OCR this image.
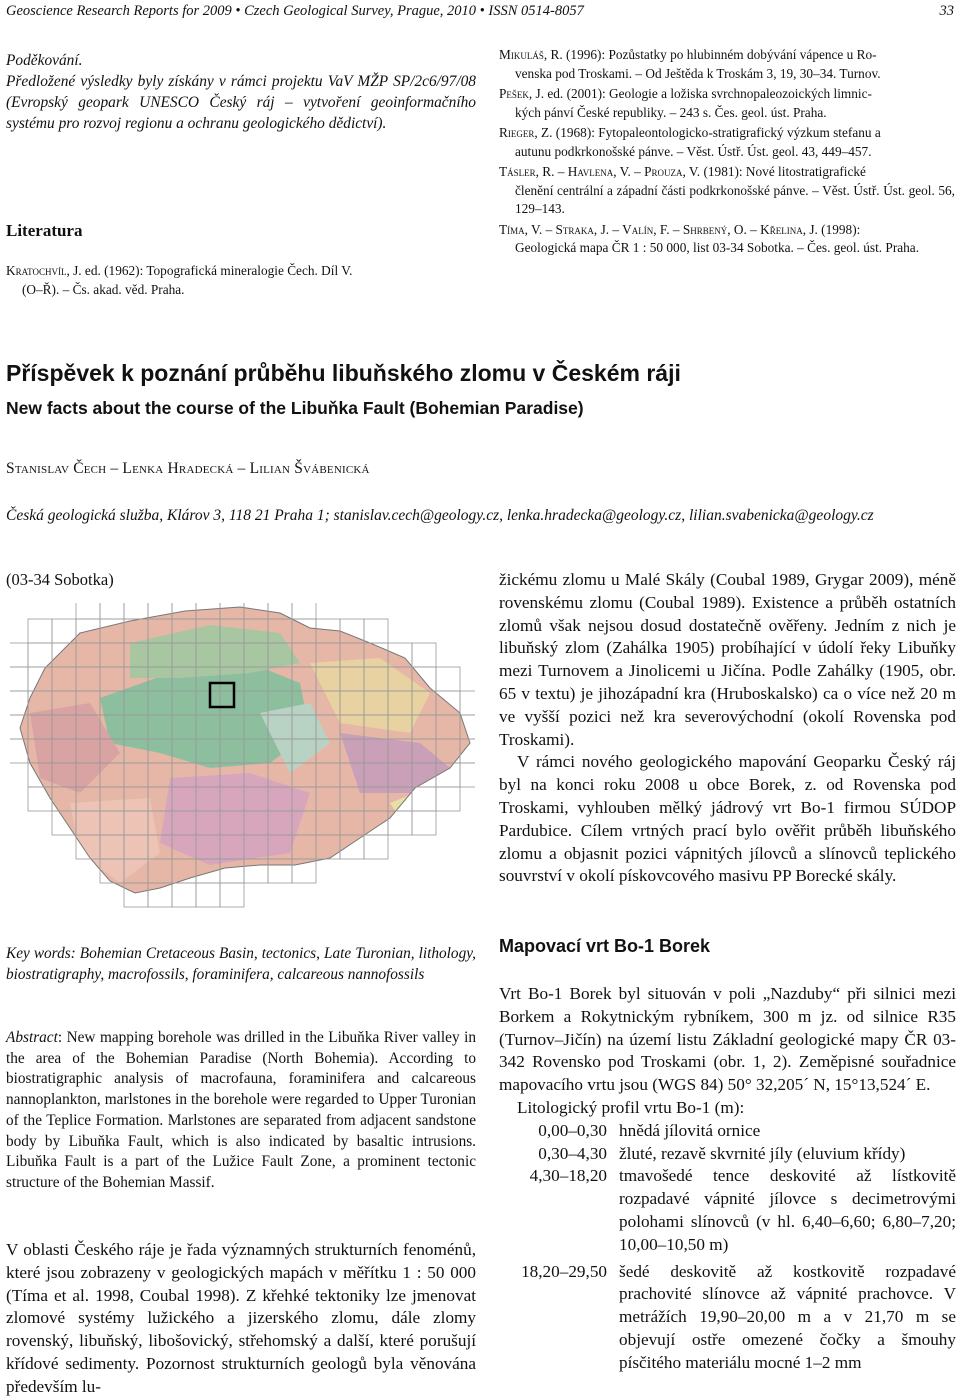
Geoscience Research Reports for 2009 • Czech Geological Survey, Prague, 2010 • ISSN 0514-8057	33
Poděkování.
Předložené výsledky byly získány v rámci projektu VaV MŽP SP/2c6/97/08 (Evropský geopark UNESCO Český ráj – vytvoření geoinformačního systému pro rozvoj regionu a ochranu geologického dědictví).
Literatura
Kratochvíl, J. ed. (1962): Topografická mineralogie Čech. Díl V.
(O–Ř). – Čs. akad. věd. Praha.
Mikuláš, R. (1996): Pozůstatky po hlubinném dobývání vápence u Ro-
venska pod Troskami. – Od Ještěda k Troskám 3, 19, 30–34. Turnov.
Pešek, J. ed. (2001): Geologie a ložiska svrchnopaleozoických limnic-
kých pánví České republiky. – 243 s. Čes. geol. úst. Praha.
Rieger, Z. (1968): Fytopaleontologicko-stratigrafický výzkum stefanu a
autunu podkrkonošské pánve. – Věst. Ústř. Úst. geol. 43, 449–457.
Tásler, R. – Havlena, V. – Prouza, V. (1981): Nové litostratigrafické
členění centrální a západní části podkrkonošské pánve. – Věst. Ústř. Úst. geol. 56, 129–143.
Tíma, V. – Straka, J. – Valín, F. – Shrbený, O. – Křelina, J. (1998):
Geologická mapa ČR 1 : 50 000, list 03-34 Sobotka. – Čes. geol. úst. Praha.
Příspěvek k poznání průběhu libuňského zlomu v Českém ráji
New facts about the course of the Libuňka Fault (Bohemian Paradise)
Stanislav Čech – Lenka Hradecká – Lilian Švábenická
Česká geologická služba, Klárov 3, 118 21 Praha 1; stanislav.cech@geology.cz, lenka.hradecka@geology.cz, lilian.svabenicka@geology.cz
(03-34 Sobotka)	žickému zlomu u Malé Skály (Coubal 1989, Grygar 2009), méně rovenskému zlomu (Coubal 1989). Existence a průběh ostatních zlomů však nejsou dosud dostatečně ověřeny. Jedním z nich je libuňský zlom (Zahálka 1905) probíhající v údolí řeky Libuňky mezi Turnovem a Jinolicemi u Jičína. Podle Zahálky (1905, obr. 65 v textu) je jihozápadní kra (Hruboskalsko) ca o více než 20 m ve vyšší pozici než kra severovýchodní (okolí Rovenska pod Troskami).

V rámci nového geologického mapování Geoparku Český ráj byl na konci roku 2008 u obce Borek, z. od Rovenska pod Troskami, vyhlouben mělký jádrový vrt Bo-1 firmou SÚDOP Pardubice. Cílem vrtných prací bylo ověřit průběh libuňského zlomu a objasnit pozici vápnitých jílovců a slínovců teplického souvrství v okolí pískovcového masivu PP Borecké skály.

Key words: Bohemian Cretaceous Basin, tectonics, Late Turonian, lithology, biostratigraphy, macrofossils, foraminifera, calcareous nannofossils
Abstract: New mapping borehole was drilled in the Libuňka River valley in the area of the Bohemian Paradise (North Bohemia). According to biostratigraphic analysis of macrofauna, foraminifera and calcareous nannoplankton, marlstones in the borehole were regarded to Upper Turonian of the Teplice Formation. Marlstones are separated from adjacent sandstone body by Libuňka Fault, which is also indicated by basaltic intrusions. Libuňka Fault is a part of the Lužice Fault Zone, a prominent tectonic structure of the Bohemian Massif.

V oblasti Českého ráje je řada významných strukturních fenoménů, které jsou zobrazeny v geologických mapách v měřítku 1 : 50 000 (Tíma et al. 1998, Coubal 1998). Z křehké tektoniky lze jmenovat zlomové systémy lužického a jizerského zlomu, dále zlomy rovenský, libuňský, libošovický, střehomský a další, které porušují křídové sedimenty. Pozornost strukturních geologů byla věnována především lu-

Mapovací vrt Bo-1 Borek

Vrt Bo-1 Borek byl situován v poli „Nazduby“ při silnici mezi Borkem a Rokytnickým rybníkem, 300 m jz. od silnice R35 (Turnov–Jičín) na území listu Základní geologické mapy ČR 03-342 Rovensko pod Troskami (obr. 1, 2). Zeměpisné souřadnice mapovacího vrtu jsou (WGS 84) 50° 32,205´ N, 15°13,524´ E.

Litologický profil vrtu Bo-1 (m):

0,00–0,30 hnědá jílovitá ornice
0,30–4,30 žluté, rezavě skvrnité jíly (eluvium křídy)
4,30–18,20 tmavošedé tence deskovité až lístkovitě rozpadavé vápnité jílovce s decimetrovými polohami slínovců (v hl. 6,40–6,60; 6,80–7,20; 10,00–10,50 m)
18,20–29,50 šedé deskovitě až kostkovitě rozpadavé prachovité slínovce až vápnité prachovce. V metrážích 19,90–20,00 m a v 21,70 m se objevují ostře omezené čočky a šmouhy písčitého materiálu mocné 1–2 mm
